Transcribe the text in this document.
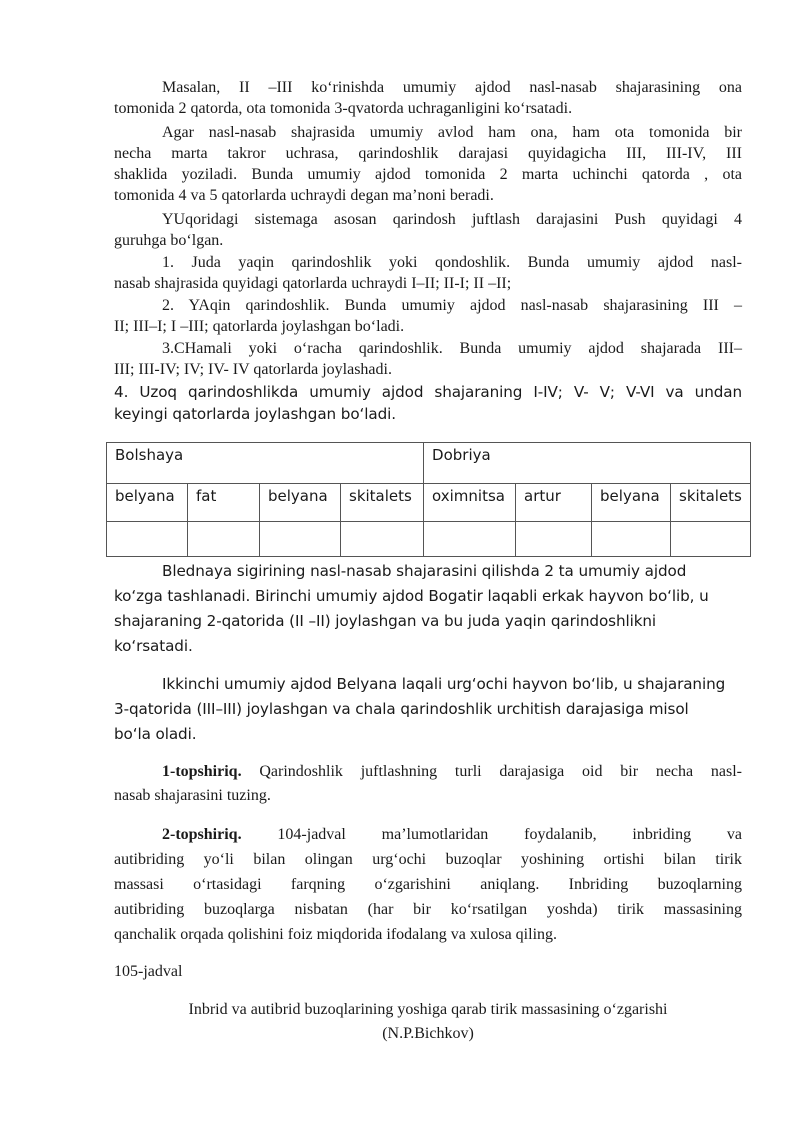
Masalan, II –III ko‘rinishda umumiy ajdod nasl-nasab shajarasining ona
tomonida 2 qatorda, ota tomonida 3-qvatorda uchraganligini ko‘rsatadi.
Agar nasl-nasab shajrasida umumiy avlod ham ona, ham ota tomonida bir
necha marta takror uchrasa, qarindoshlik darajasi quyidagicha III, III-IV, III
shaklida yoziladi. Bunda umumiy ajdod tomonida 2 marta uchinchi qatorda , ota
tomonida 4 va 5 qatorlarda uchraydi degan ma’noni beradi.
YUqoridagi sistemaga asosan qarindosh juftlash darajasini Push quyidagi 4
guruhga bo‘lgan.
1. Juda yaqin qarindoshlik yoki qondoshlik. Bunda umumiy ajdod nasl-
nasab shajrasida quyidagi qatorlarda uchraydi I–II; II-I; II –II;
2. YAqin qarindoshlik. Bunda umumiy ajdod nasl-nasab shajarasining III –
II; III–I; I –III; qatorlarda joylashgan bo‘ladi.
3.CHamali yoki o‘racha qarindoshlik. Bunda umumiy ajdod shajarada III–
III; III-IV; IV; IV- IV qatorlarda joylashadi.
4. Uzoq qarindoshlikda umumiy ajdod shajaraning I-IV; V- V; V-VI va undan
keyingi qatorlarda joylashgan bo‘ladi.
Bolshaya				Dobriya			
belyana	fat	belyana	skitalets	oximnitsa	artur	belyana	skitalets

Blednaya sigirining nasl-nasab shajarasini qilishda 2 ta umumiy ajdod
ko‘zga tashlanadi. Birinchi umumiy ajdod Bogatir laqabli erkak hayvon bo‘lib, u
shajaraning 2-qatorida (II –II) joylashgan va bu juda yaqin qarindoshlikni
ko‘rsatadi.
Ikkinchi umumiy ajdod Belyana laqali urg‘ochi hayvon bo‘lib, u shajaraning
3-qatorida (III–III) joylashgan va chala qarindoshlik urchitish darajasiga misol
bo‘la oladi.
1-topshiriq. Qarindoshlik juftlashning turli darajasiga oid bir necha nasl-
nasab shajarasini tuzing.
2-topshiriq. 104-jadval ma’lumotlaridan foydalanib, inbriding va
autibriding yo‘li bilan olingan urg‘ochi buzoqlar yoshining ortishi bilan tirik
massasi o‘rtasidagi farqning o‘zgarishini aniqlang. Inbriding buzoqlarning
autibriding buzoqlarga nisbatan (har bir ko‘rsatilgan yoshda) tirik massasining
qanchalik orqada qolishini foiz miqdorida ifodalang va xulosa qiling.
105-jadval
Inbrid va autibrid buzoqlarining yoshiga qarab tirik massasining o‘zgarishi
(N.P.Bichkov)
